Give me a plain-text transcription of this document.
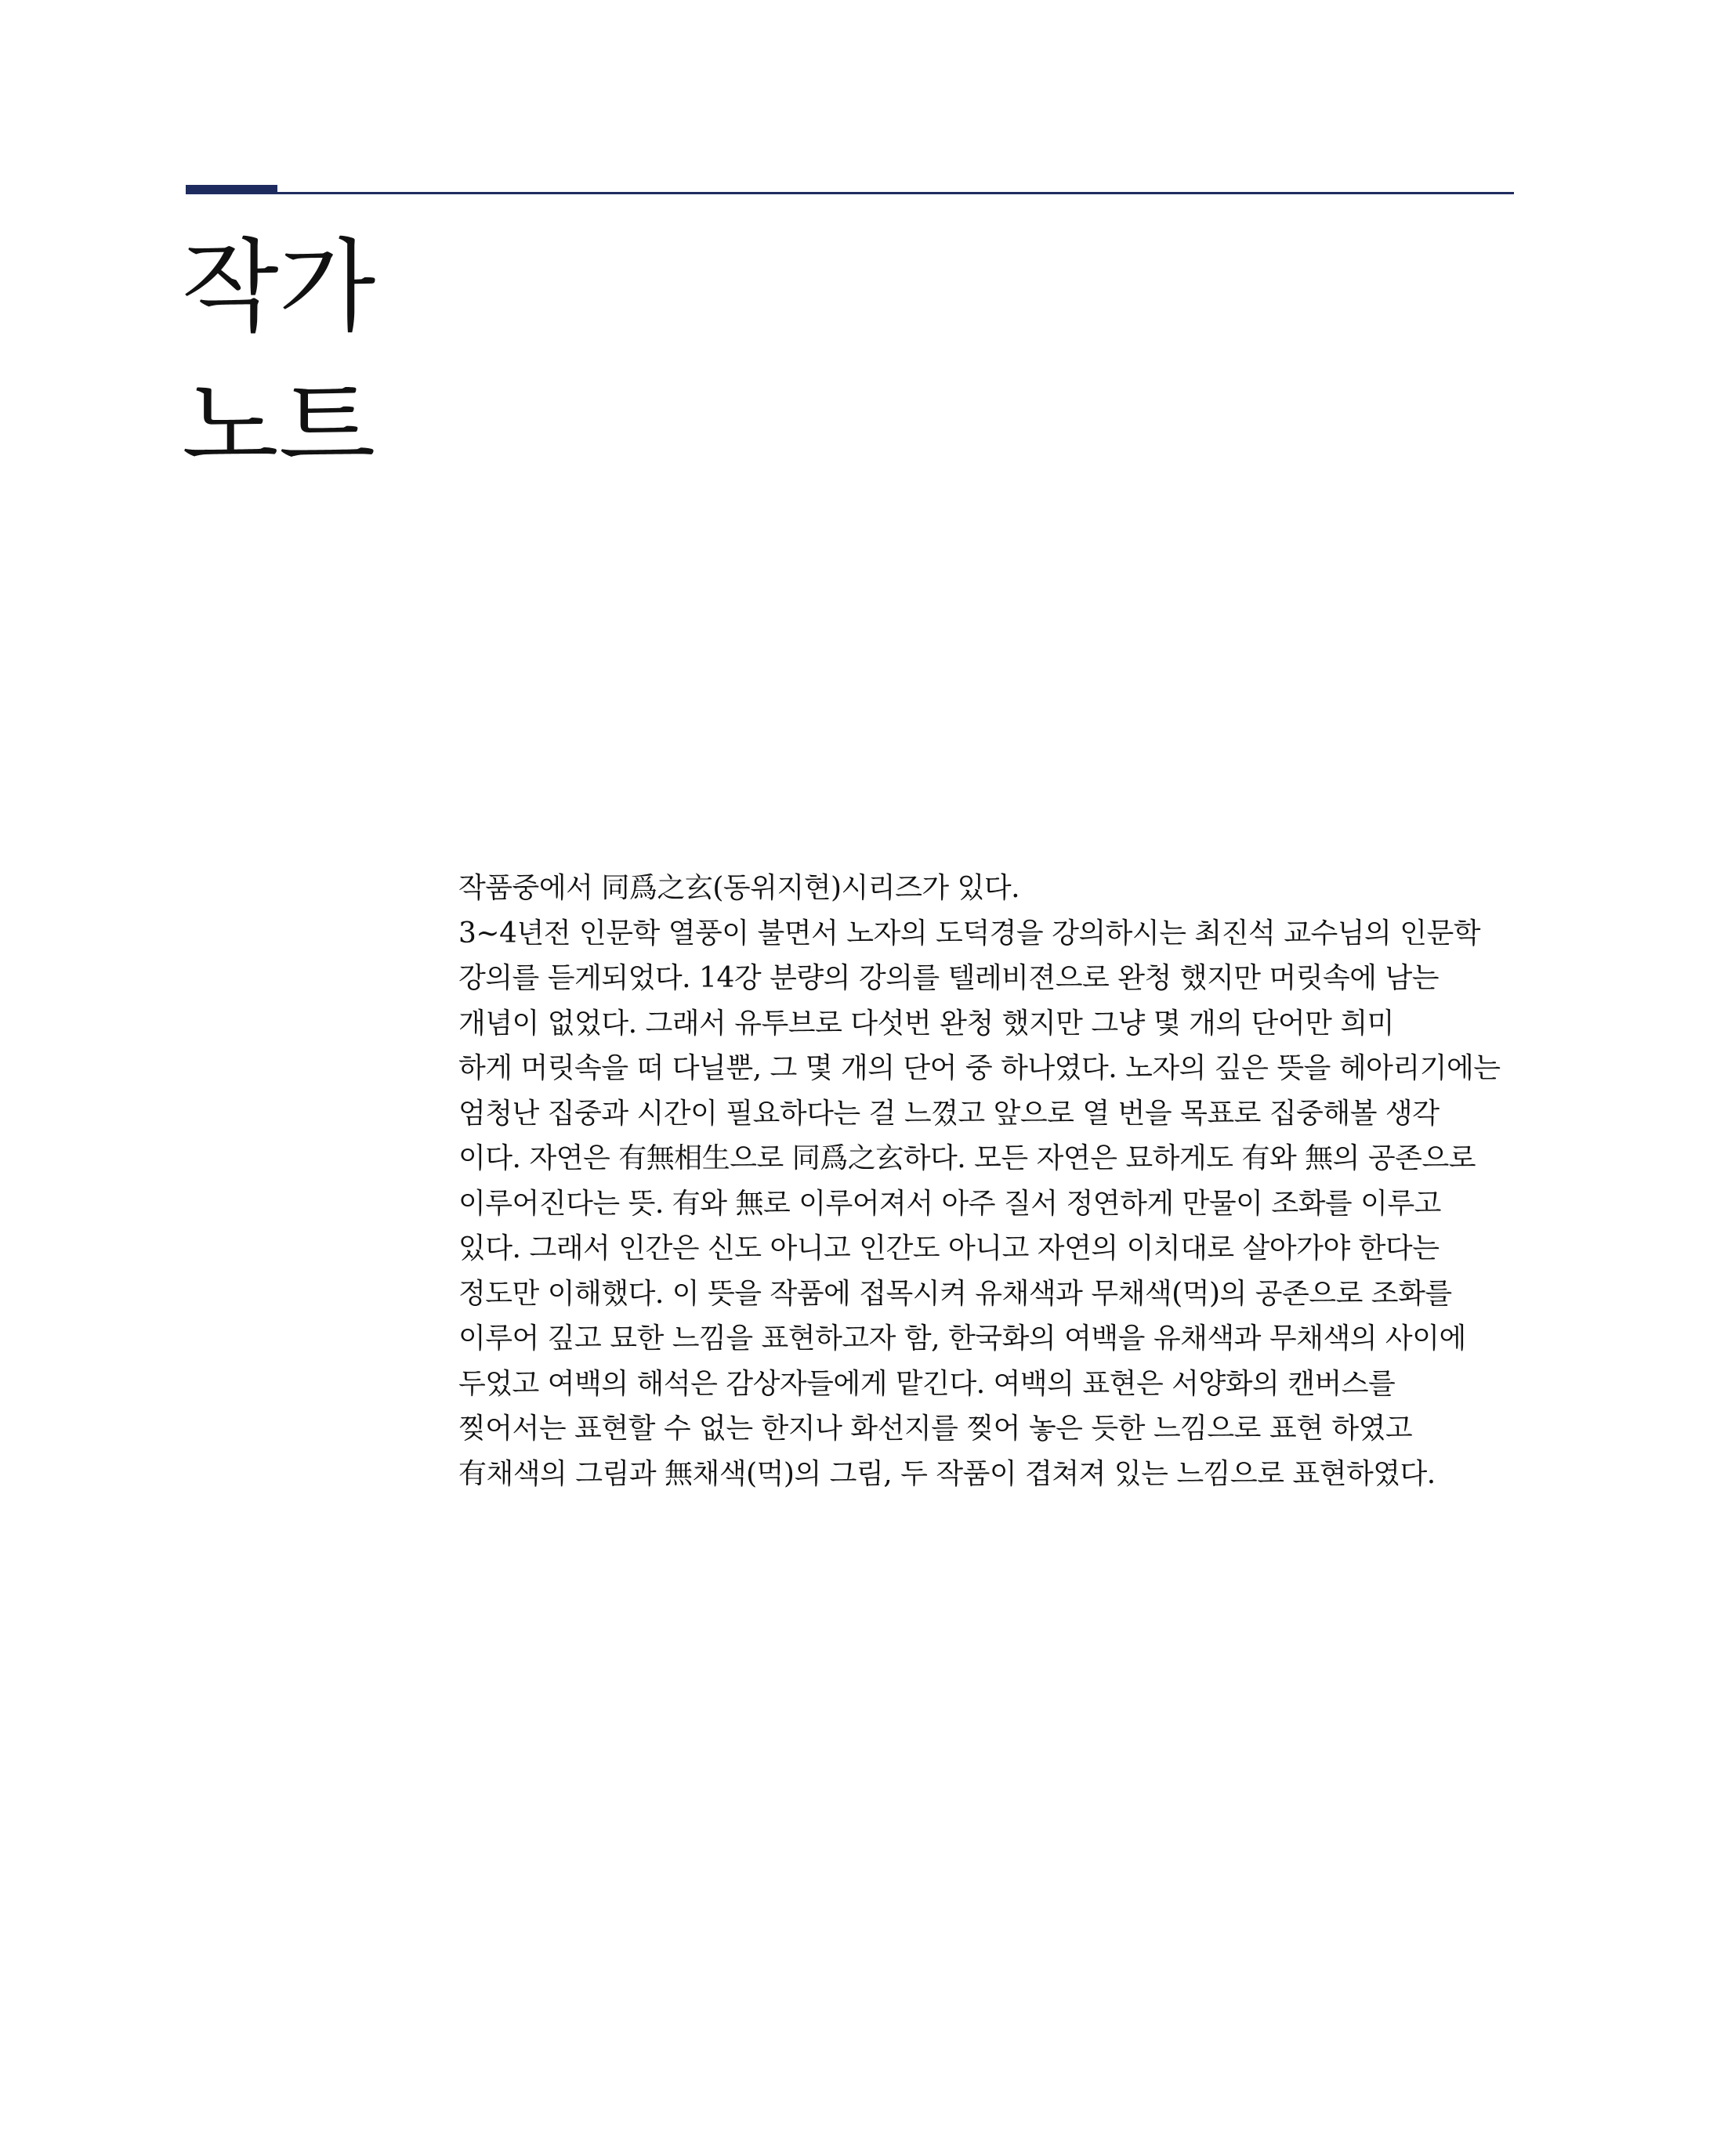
작가
노트
작품중에서 同爲之玄(동위지현)시리즈가 있다.
3~4년전 인문학 열풍이 불면서 노자의 도덕경을 강의하시는 최진석 교수님의 인문학
강의를 듣게되었다. 14강 분량의 강의를 텔레비젼으로 완청 했지만 머릿속에 남는
개념이 없었다. 그래서 유투브로 다섯번 완청 했지만 그냥 몇 개의 단어만 희미
하게 머릿속을 떠 다닐뿐, 그 몇 개의 단어 중 하나였다. 노자의 깊은 뜻을 헤아리기에는
엄청난 집중과 시간이 필요하다는 걸 느꼈고 앞으로 열 번을 목표로 집중해볼 생각
이다. 자연은 有無相生으로 同爲之玄하다. 모든 자연은 묘하게도 有와 無의 공존으로
이루어진다는 뜻. 有와 無로 이루어져서 아주 질서 정연하게 만물이 조화를 이루고
있다. 그래서 인간은 신도 아니고 인간도 아니고 자연의 이치대로 살아가야 한다는
정도만 이해했다. 이 뜻을 작품에 접목시켜 유채색과 무채색(먹)의 공존으로 조화를
이루어 깊고 묘한 느낌을 표현하고자 함, 한국화의 여백을 유채색과 무채색의 사이에
두었고 여백의 해석은 감상자들에게 맡긴다. 여백의 표현은 서양화의 캔버스를
찢어서는 표현할 수 없는 한지나 화선지를 찢어 놓은 듯한 느낌으로 표현 하였고
有채색의 그림과 無채색(먹)의 그림, 두 작품이 겹쳐져 있는 느낌으로 표현하였다.
